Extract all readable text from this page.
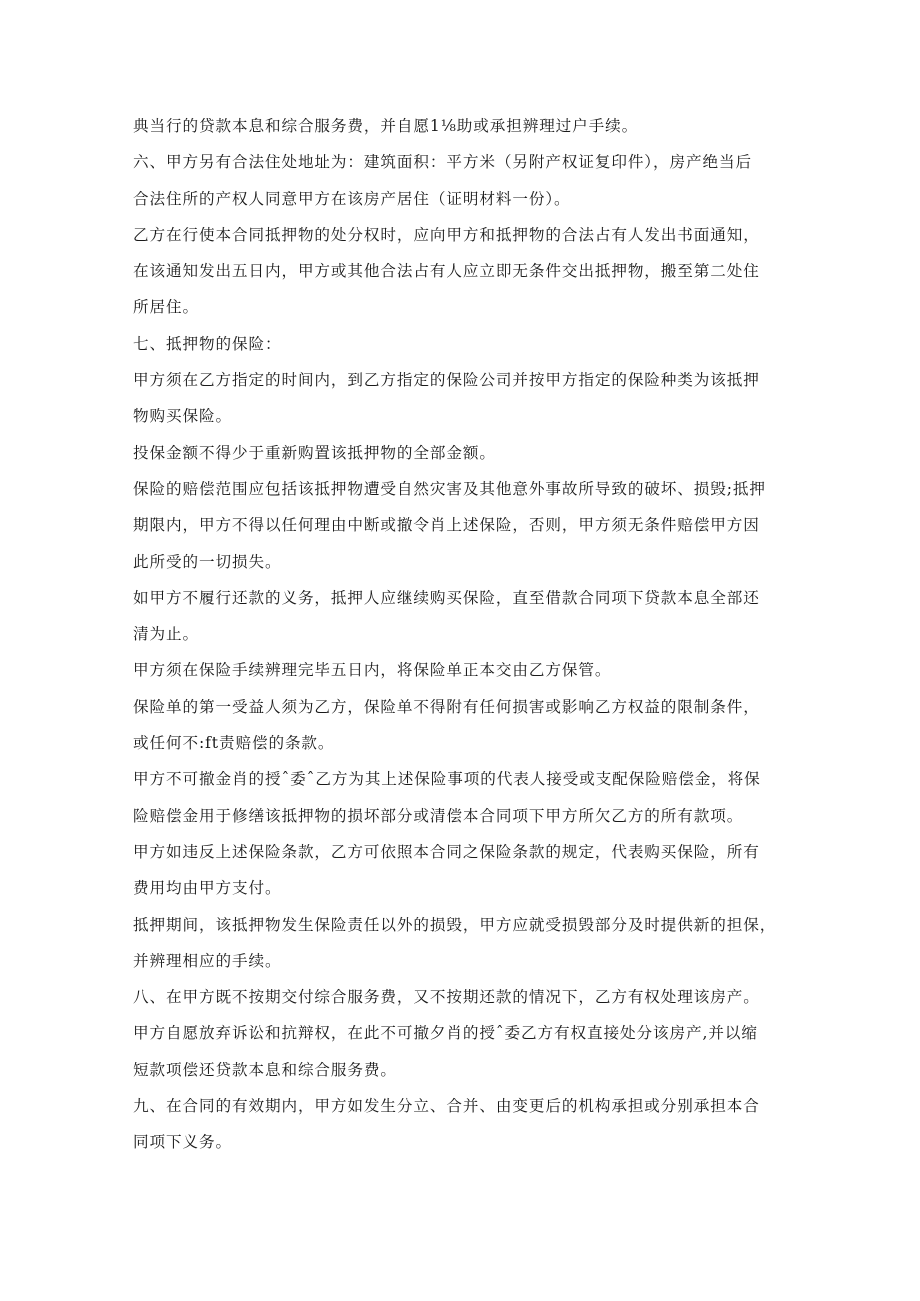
典当行的贷款本息和综合服务费，并自愿1⅛助或承担辨理过户手续。
六、甲方另有合法住处地址为：建筑面积：平方米（另附产权证复印件），房产绝当后
合法住所的产权人同意甲方在该房产居住（证明材料一份）。
乙方在行使本合同抵押物的处分权时，应向甲方和抵押物的合法占有人发出书面通知，
在该通知发出五日内，甲方或其他合法占有人应立即无条件交出抵押物，搬至第二处住
所居住。
七、抵押物的保险：
甲方须在乙方指定的时间内，到乙方指定的保险公司并按甲方指定的保险种类为该抵押
物购买保险。
投保金额不得少于重新购置该抵押物的全部金额。
保险的赔偿范围应包括该抵押物遭受自然灾害及其他意外事故所导致的破坏、损毁;抵押
期限内，甲方不得以任何理由中断或撤令肖上述保险，否则，甲方须无条件赔偿甲方因
此所受的一切损失。
如甲方不履行还款的义务，抵押人应继续购买保险，直至借款合同项下贷款本息全部还
清为止。
甲方须在保险手续辨理完毕五日内，将保险单正本交由乙方保管。
保险单的第一受益人须为乙方，保险单不得附有任何损害或影响乙方权益的限制条件，
或任何不:ft责赔偿的条款。
甲方不可撤金肖的授ˆ委ˆ乙方为其上述保险事项的代表人接受或支配保险赔偿金，将保
险赔偿金用于修缮该抵押物的损坏部分或清偿本合同项下甲方所欠乙方的所有款项。
甲方如违反上述保险条款，乙方可依照本合同之保险条款的规定，代表购买保险，所有
费用均由甲方支付。
抵押期间，该抵押物发生保险责任以外的损毁，甲方应就受损毁部分及时提供新的担保，
并辨理相应的手续。
八、在甲方既不按期交付综合服务费，又不按期还款的情况下，乙方有权处理该房产。
甲方自愿放弃诉讼和抗辩权，在此不可撤夕肖的授ˆ委乙方有权直接处分该房产,并以缩
短款项偿还贷款本息和综合服务费。
九、在合同的有效期内，甲方如发生分立、合并、由变更后的机构承担或分别承担本合
同项下义务。
